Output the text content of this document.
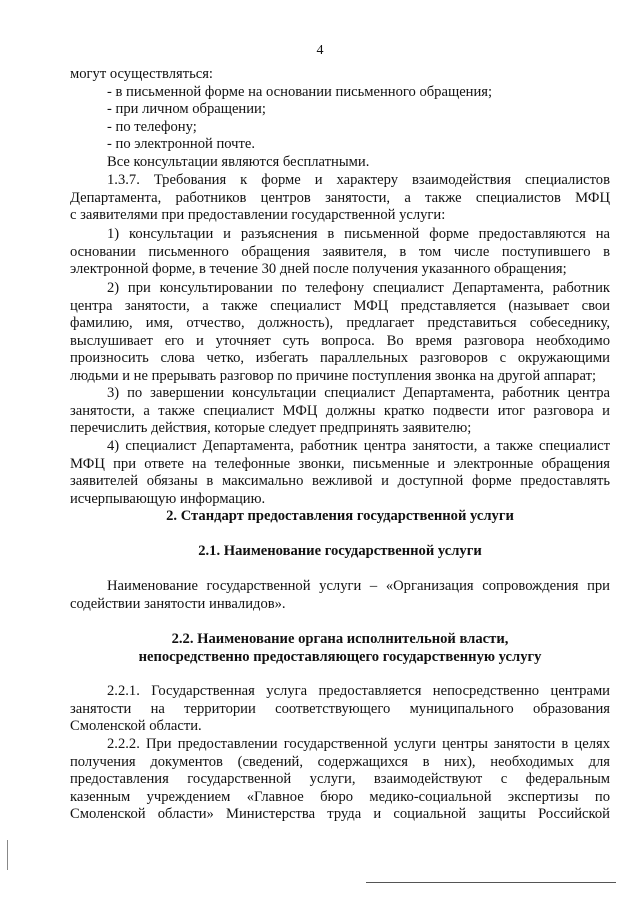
4
могут осуществляться:
- в письменной форме на основании письменного обращения;
- при личном обращении;
- по телефону;
- по электронной почте.
Все консультации являются бесплатными.
1.3.7. Требования к форме и характеру взаимодействия специалистов
Департамента, работников центров занятости, а также специалистов МФЦ
с заявителями при предоставлении государственной услуги:
1) консультации и разъяснения в письменной форме предоставляются на
основании письменного обращения заявителя, в том числе поступившего в
электронной форме, в течение 30 дней после получения указанного обращения;
2) при консультировании по телефону специалист Департамента, работник
центра занятости, а также специалист МФЦ представляется (называет свои
фамилию, имя, отчество, должность), предлагает представиться собеседнику,
выслушивает его и уточняет суть вопроса. Во время разговора необходимо
произносить слова четко, избегать параллельных разговоров с окружающими
людьми и не прерывать разговор по причине поступления звонка на другой аппарат;
3) по завершении консультации специалист Департамента, работник центра
занятости, а также специалист МФЦ должны кратко подвести итог разговора и
перечислить действия, которые следует предпринять заявителю;
4) специалист Департамента, работник центра занятости, а также специалист
МФЦ при ответе на телефонные звонки, письменные и электронные обращения
заявителей обязаны в максимально вежливой и доступной форме предоставлять
исчерпывающую информацию.
2. Стандарт предоставления государственной услуги
2.1. Наименование государственной услуги
Наименование государственной услуги – «Организация сопровождения при
содействии занятости инвалидов».
2.2. Наименование органа исполнительной власти,
непосредственно предоставляющего государственную услугу
2.2.1. Государственная услуга предоставляется непосредственно центрами
занятости на территории соответствующего муниципального образования
Смоленской области.
2.2.2. При предоставлении государственной услуги центры занятости в целях
получения документов (сведений, содержащихся в них), необходимых для
предоставления государственной услуги, взаимодействуют с федеральным
казенным учреждением «Главное бюро медико-социальной экспертизы по
Смоленской области» Министерства труда и социальной защиты Российской
